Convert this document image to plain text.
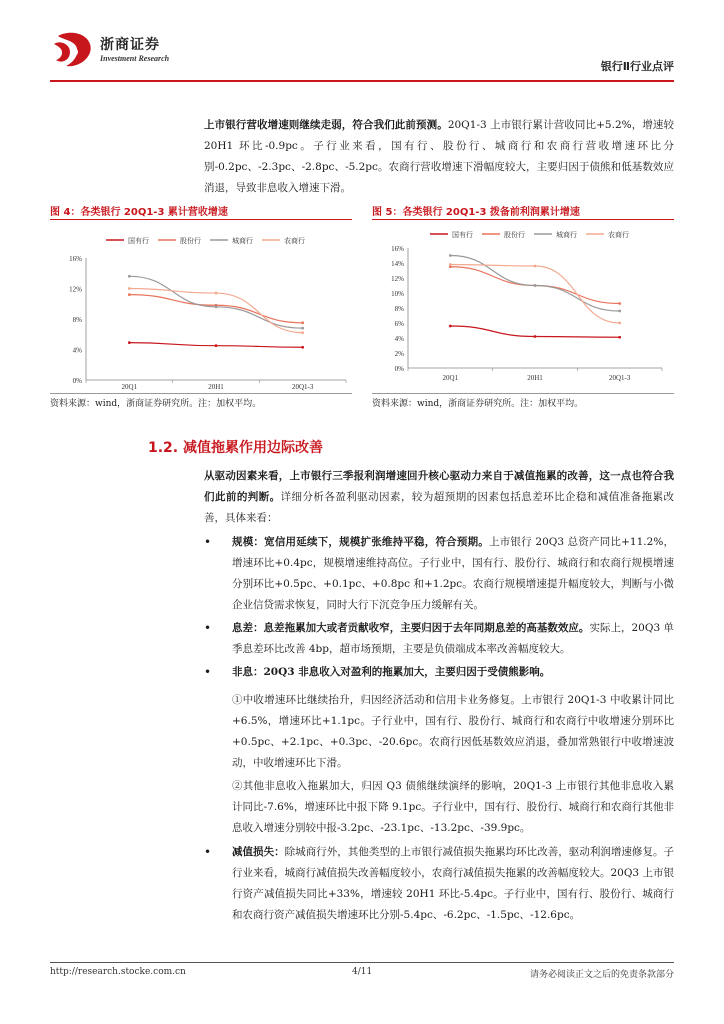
浙商证券
Investment Research
银行Ⅱ行业点评
上市银行营收增速则继续走弱，符合我们此前预测。20Q1-3 上市银行累计营收同比+5.2%，增速较 20H1 环比-0.9pc。子行业来看，国有行、股份行、城商行和农商行营收增速环比分别-0.2pc、-2.3pc、-2.8pc、-5.2pc。农商行营收增速下滑幅度较大，主要归因于债熊和低基数效应消退，导致非息收入增速下滑。
图 4：各类银行 20Q1-3 累计营收增速
国有行	股份行	城商行	农商行
0%
4%
8%
12%
16%
20Q1	20H1	20Q1-3
资料来源：wind，浙商证券研究所。注：加权平均。
图 5：各类银行 20Q1-3 拨备前利润累计增速
国有行	股份行	城商行	农商行
0%
2%
4%
6%
8%
10%
12%
14%
16%
20Q1	20H1	20Q1-3
资料来源：wind，浙商证券研究所。注：加权平均。
1.2. 减值拖累作用边际改善
从驱动因素来看，上市银行三季报利润增速回升核心驱动力来自于减值拖累的改善，这一点也符合我们此前的判断。详细分析各盈利驱动因素，较为超预期的因素包括息差环比企稳和减值准备拖累改善，具体来看：
• 规模：宽信用延续下，规模扩张维持平稳，符合预期。上市银行 20Q3 总资产同比+11.2%，增速环比+0.4pc，规模增速维持高位。子行业中，国有行、股份行、城商行和农商行规模增速分别环比+0.5pc、+0.1pc、+0.8pc 和+1.2pc。农商行规模增速提升幅度较大，判断与小微企业信贷需求恢复，同时大行下沉竞争压力缓解有关。
• 息差：息差拖累加大或者贡献收窄，主要归因于去年同期息差的高基数效应。实际上，20Q3 单季息差环比改善 4bp，超市场预期，主要是负债端成本率改善幅度较大。
• 非息：20Q3 非息收入对盈利的拖累加大，主要归因于受债熊影响。
①中收增速环比继续抬升，归因经济活动和信用卡业务修复。上市银行 20Q1-3 中收累计同比+6.5%，增速环比+1.1pc。子行业中，国有行、股份行、城商行和农商行中收增速分别环比+0.5pc、+2.1pc、+0.3pc、-20.6pc。农商行因低基数效应消退，叠加常熟银行中收增速波动，中收增速环比下滑。
②其他非息收入拖累加大，归因 Q3 债熊继续演绎的影响，20Q1-3 上市银行其他非息收入累计同比-7.6%，增速环比中报下降 9.1pc。子行业中，国有行、股份行、城商行和农商行其他非息收入增速分别较中报-3.2pc、-23.1pc、-13.2pc、-39.9pc。
• 减值损失：除城商行外，其他类型的上市银行减值损失拖累均环比改善，驱动利润增速修复。子行业来看，城商行减值损失改善幅度较小，农商行减值损失拖累的改善幅度较大。20Q3 上市银行资产减值损失同比+33%，增速较 20H1 环比-5.4pc。子行业中，国有行、股份行、城商行和农商行资产减值损失增速环比分别-5.4pc、-6.2pc、-1.5pc、-12.6pc。
http://research.stocke.com.cn	4/11	请务必阅读正文之后的免责条款部分
